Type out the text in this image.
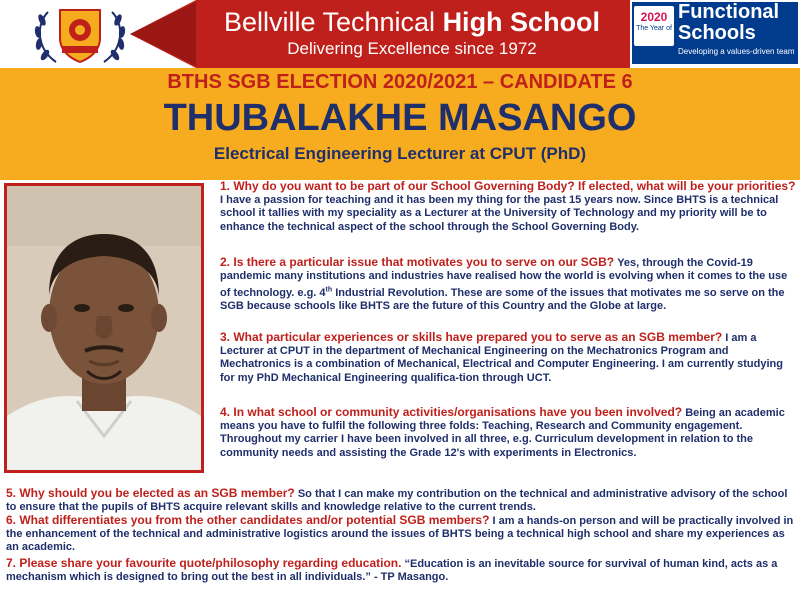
Bellville Technical High School
Delivering Excellence since 1972
2020
The Year of
Functional
Schools
Developing a values-driven team
BTHS SGB ELECTION 2020/2021 – CANDIDATE 6
THUBALAKHE MASANGO
Electrical Engineering Lecturer at CPUT (PhD)
1. Why do you want to be part of our School Governing Body? If elected, what will be your priorities? I have a passion for teaching and it has been my thing for the past 15 years now. Since BHTS is a technical school it tallies with my speciality as a Lecturer at the University of Technology and my priority will be to enhance the technical aspect of the school through the School Governing Body.
2. Is there a particular issue that motivates you to serve on our SGB? Yes, through the Covid-19 pandemic many institutions and industries have realised how the world is evolving when it comes to the use of technology. e.g. 4th Industrial Revolution. These are some of the issues that motivates me so serve on the SGB because schools like BHTS are the future of this Country and the Globe at large.
3. What particular experiences or skills have prepared you to serve as an SGB member? I am a Lecturer at CPUT in the department of Mechanical Engineering on the Mechatronics Program and Mechatronics is a combination of Mechanical, Electrical and Computer Engineering. I am currently studying for my PhD Mechanical Engineering qualifica-tion through UCT.
4. In what school or community activities/organisations have you been involved? Being an academic means you have to fulfil the following three folds: Teaching, Research and Community engagement. Throughout my carrier I have been involved in all three, e.g. Curriculum development in relation to the community needs and assisting the Grade 12's with experiments in Electronics.
5. Why should you be elected as an SGB member? So that I can make my contribution on the technical and administrative advisory of the school to ensure that the pupils of BHTS acquire relevant skills and knowledge relative to the current trends.
6. What differentiates you from the other candidates and/or potential SGB members? I am a hands-on person and will be practically involved in the enhancement of the technical and administrative logistics around the issues of BHTS being a technical high school and share my experiences as an academic.
7. Please share your favourite quote/philosophy regarding education. “Education is an inevitable source for survival of human kind, acts as a mechanism which is designed to bring out the best in all individuals.” - TP Masango.
